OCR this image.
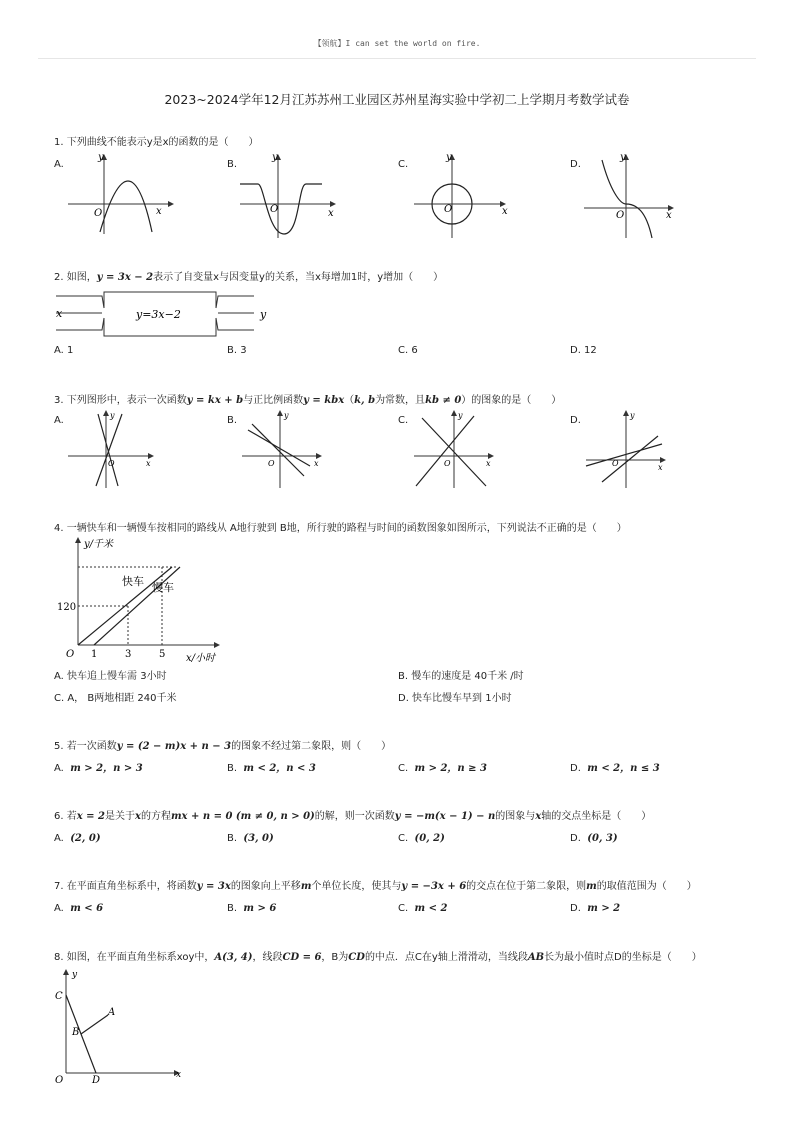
【领航】I can set the world on fire.
2023~2024学年12月江苏苏州工业园区苏州星海实验中学初二上学期月考数学试卷
1. 下列曲线不能表示y是x的函数的是（　　）
A.	B.	C.	D.
y
x
O
y
x
O
y
x
O
y
x
O
2. 如图，y = 3x − 2表示了自变量x与因变量y的关系，当x每增加1时，y增加（　　）
x	y=3x−2	y
A. 1	B. 3	C. 6	D. 12
3. 下列图形中，表示一次函数y = kx + b与正比例函数y = kbx（k, b为常数，且kb ≠ 0）的图象的是（　　）
A.	B.	C.	D.
y
x
O
y
x
O
y
x
O
y
x
O
4. 一辆快车和一辆慢车按相同的路线从 A地行驶到 B地，所行驶的路程与时间的函数图象如图所示，下列说法不正确的是（　　）
y/千米
x/小时
快车 慢车
120
O 1	3	5
A. 快车追上慢车需 3小时	B. 慢车的速度是 40千米 /时
C. A， B两地相距 240千米	D. 快车比慢车早到 1小时
5. 若一次函数y = (2 − m)x + n − 3的图象不经过第二象限，则（　　）
A. m > 2，n > 3	B. m < 2，n < 3	C. m > 2，n ≥ 3	D. m < 2，n ≤ 3
6. 若x = 2是关于x的方程mx + n = 0 (m ≠ 0, n > 0)的解，则一次函数y = −m(x − 1) − n的图象与x轴的交点坐标是（　　）
A. (2, 0)	B. (3, 0)	C. (0, 2)	D. (0, 3)
7. 在平面直角坐标系中，将函数y = 3x的图象向上平移m个单位长度，使其与y = −3x + 6的交点在位于第二象限，则m的取值范围为（　　）
A. m < 6	B. m > 6	C. m < 2	D. m > 2
8. 如图，在平面直角坐标系xoy中，A(3, 4)，线段CD = 6，B为CD的中点．点C在y轴上滑滑动，当线段AB长为最小值时点D的坐标是（　　）
y
x
C
A
B
O	D
